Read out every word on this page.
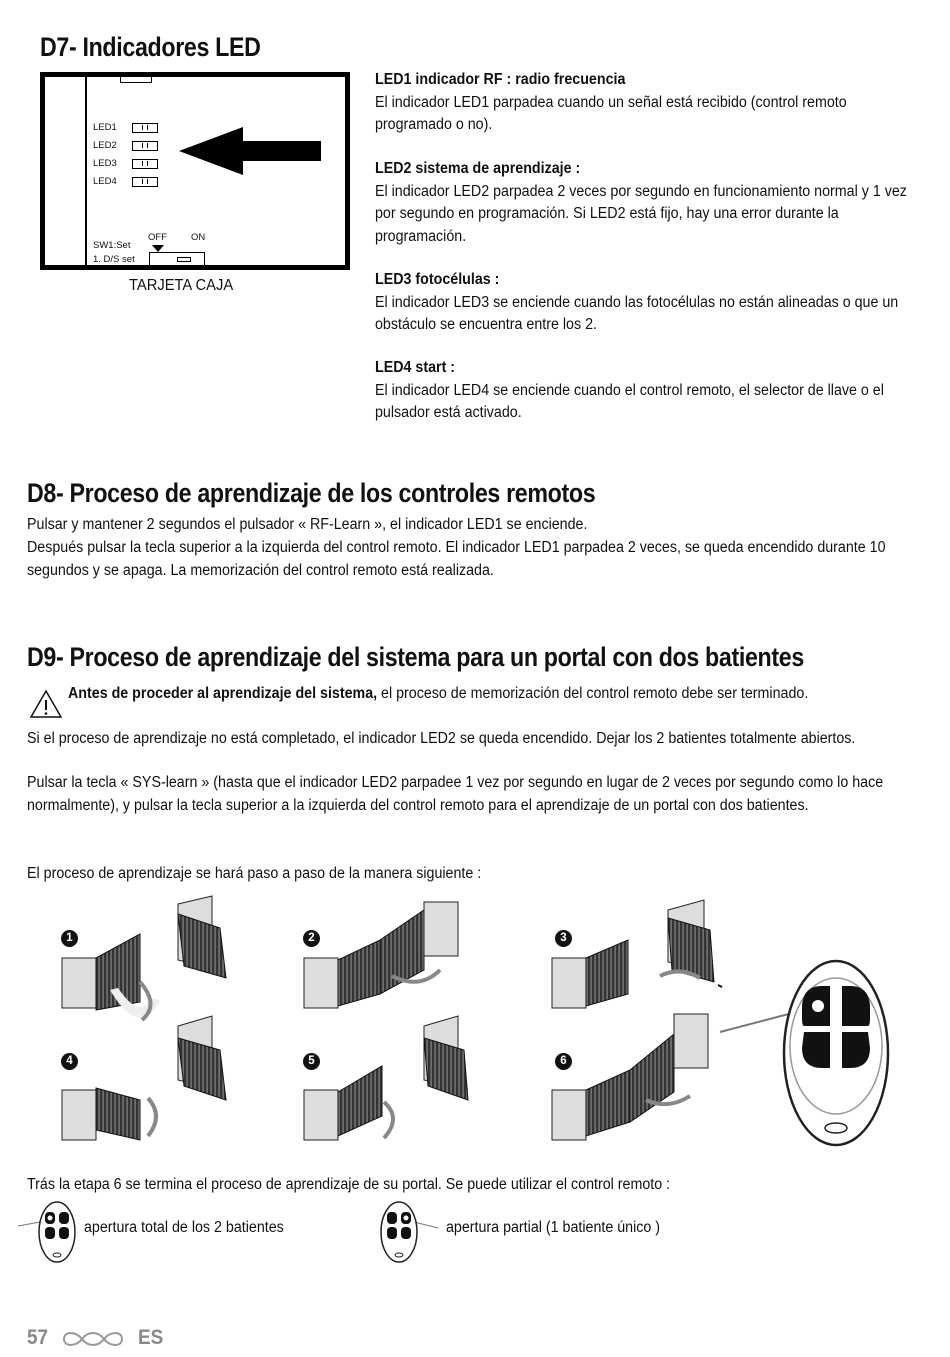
D7- Indicadores LED
LED1
LED2
LED3
LED4
OFF	ON
SW1:Set
1. D/S set
TARJETA CAJA
LED1 indicador RF : radio frecuencia
El indicador LED1 parpadea cuando un señal está recibido (control remoto programado o no).
LED2 sistema de aprendizaje :
El indicador LED2 parpadea 2 veces por segundo en funcionamiento normal y 1 vez por segundo en programación. Si LED2 está fijo, hay una error durante la programación.
LED3 fotocélulas :
El indicador LED3 se enciende cuando las fotocélulas no están alineadas o que un obstáculo se encuentra entre los 2.
LED4 start :
El indicador LED4 se enciende cuando el control remoto, el selector de llave o el pulsador está activado.
D8- Proceso de aprendizaje de los controles remotos
Pulsar y mantener 2 segundos el pulsador « RF-Learn », el indicador LED1 se enciende.
Después pulsar la tecla superior a la izquierda del control remoto. El indicador LED1 parpadea 2 veces, se queda encendido durante 10 segundos y se apaga. La memorización del control remoto está realizada.
D9- Proceso de aprendizaje del sistema para un portal con dos batientes
Antes de proceder al aprendizaje del sistema, el proceso de memorización del control remoto debe ser terminado.
Si el proceso de aprendizaje no está completado, el indicador LED2 se queda encendido. Dejar los 2 batientes totalmente abiertos.
Pulsar la tecla « SYS-learn » (hasta que el indicador LED2 parpadee 1 vez por segundo en lugar de 2 veces por segundo como lo hace normalmente), y pulsar la tecla superior a la izquierda del control remoto para el aprendizaje de un portal con dos batientes.
El proceso de aprendizaje se hará paso a paso de la manera siguiente :
1	2	3
4	5	6
Trás la etapa 6 se termina el proceso de aprendizaje de su portal. Se puede utilizar el control remoto :
apertura total de los 2 batientes	apertura partial (1 batiente único )
57	ES
